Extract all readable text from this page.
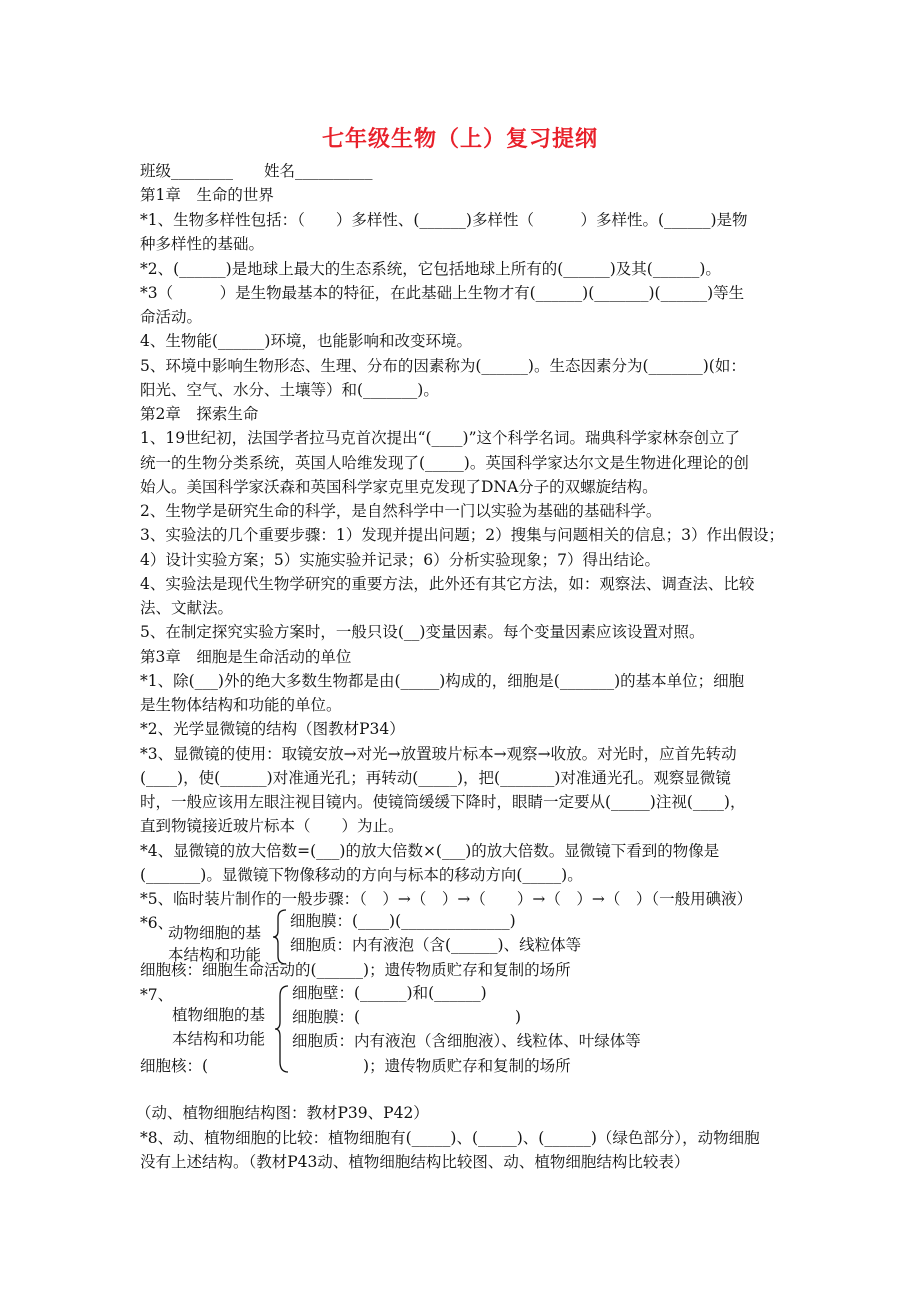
七年级生物（上）复习提纲
班级________　　姓名__________
第1章　生命的世界
*1、生物多样性包括：（　　）多样性、(______)多样性（　　　）多样性。(______)是物
种多样性的基础。
*2、(______)是地球上最大的生态系统，它包括地球上所有的(______)及其(______)。
*3（　　　）是生物最基本的特征，在此基础上生物才有(______)(_______)(______)等生
命活动。
4、生物能(______)环境，也能影响和改变环境。
5、环境中影响生物形态、生理、分布的因素称为(______)。生态因素分为(_______)(如：
阳光、空气、水分、土壤等）和(_______)。
第2章　探索生命
1、19世纪初，法国学者拉马克首次提出“(____)”这个科学名词。瑞典科学家林奈创立了
统一的生物分类系统，英国人哈维发现了(_____)。英国科学家达尔文是生物进化理论的创
始人。美国科学家沃森和英国科学家克里克发现了DNA分子的双螺旋结构。
2、生物学是研究生命的科学，是自然科学中一门以实验为基础的基础科学。
3、实验法的几个重要步骤：1）发现并提出问题；2）搜集与问题相关的信息；3）作出假设；
4）设计实验方案；5）实施实验并记录；6）分析实验现象；7）得出结论。
4、实验法是现代生物学研究的重要方法，此外还有其它方法，如：观察法、调查法、比较
法、文献法。
5、在制定探究实验方案时，一般只设(__)变量因素。每个变量因素应该设置对照。
第3章　细胞是生命活动的单位
*1、除(___)外的绝大多数生物都是由(_____)构成的，细胞是(_______)的基本单位；细胞
是生物体结构和功能的单位。
*2、光学显微镜的结构（图教材P34）
*3、显微镜的使用：取镜安放→对光→放置玻片标本→观察→收放。对光时，应首先转动
(____)，使(______)对准通光孔；再转动(_____)，把(_______)对准通光孔。观察显微镜
时，一般应该用左眼注视目镜内。使镜筒缓缓下降时，眼睛一定要从(_____)注视(____)，
直到物镜接近玻片标本（　　）为止。
*4、显微镜的放大倍数=(___)的放大倍数×(___)的放大倍数。显微镜下看到的物像是
(_______)。显微镜下物像移动的方向与标本的移动方向(_____)。
*5、临时装片制作的一般步骤：（　）→（　）→（　　）→（　）→（　）（一般用碘液）
*6、
动物细胞的基
本结构和功能
细胞膜：(____)(______________)
细胞质：内有液泡（含(______)、线粒体等
细胞核：细胞生命活动的(______)；遗传物质贮存和复制的场所
*7、
植物细胞的基
本结构和功能
细胞壁：(______)和(______)
细胞膜：(　　　　　　　　　　)
细胞质：内有液泡（含细胞液）、线粒体、叶绿体等
细胞核：(　　　　　　　　　　)；遗传物质贮存和复制的场所
（动、植物细胞结构图：教材P39、P42）
*8、动、植物细胞的比较：植物细胞有(_____)、(_____)、(______)（绿色部分），动物细胞
没有上述结构。（教材P43动、植物细胞结构比较图、动、植物细胞结构比较表）
